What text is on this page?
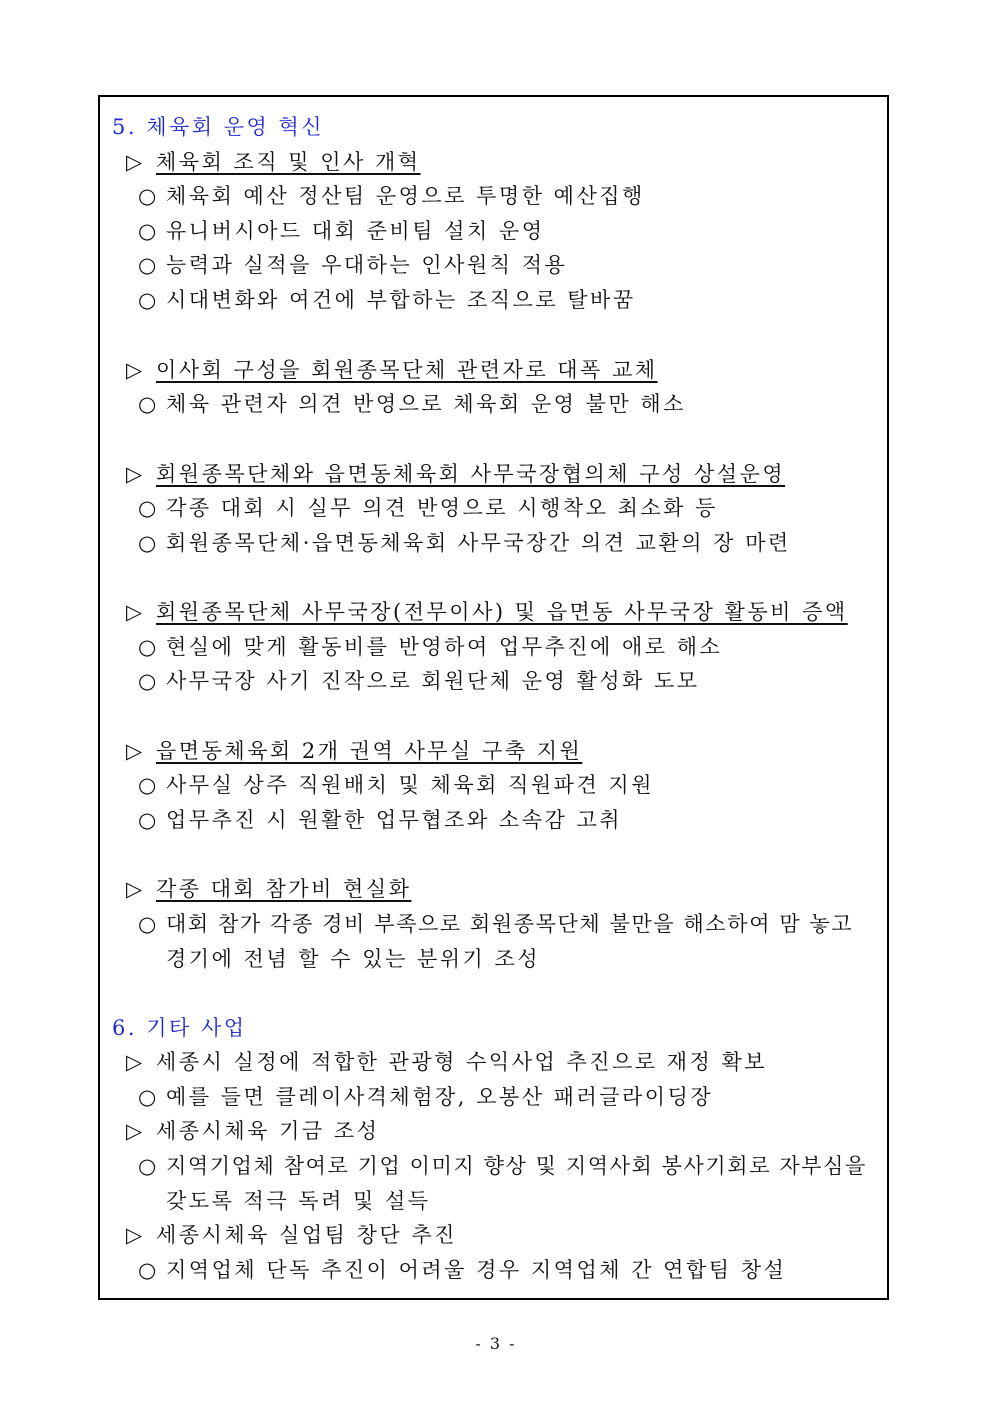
5. 체육회 운영 혁신
▷ 체육회 조직 및 인사 개혁
○ 체육회 예산 정산팀 운영으로 투명한 예산집행
○ 유니버시아드 대회 준비팀 설치 운영
○ 능력과 실적을 우대하는 인사원칙 적용
○ 시대변화와 여건에 부합하는 조직으로 탈바꿈
▷ 이사회 구성을 회원종목단체 관련자로 대폭 교체
○ 체육 관련자 의견 반영으로 체육회 운영 불만 해소
▷ 회원종목단체와 읍면동체육회 사무국장협의체 구성 상설운영
○ 각종 대회 시 실무 의견 반영으로 시행착오 최소화 등
○ 회원종목단체·읍면동체육회 사무국장간 의견 교환의 장 마련
▷ 회원종목단체 사무국장(전무이사) 및 읍면동 사무국장 활동비 증액
○ 현실에 맞게 활동비를 반영하여 업무추진에 애로 해소
○ 사무국장 사기 진작으로 회원단체 운영 활성화 도모
▷ 읍면동체육회 2개 권역 사무실 구축 지원
○ 사무실 상주 직원배치 및 체육회 직원파견 지원
○ 업무추진 시 원활한 업무협조와 소속감 고취
▷ 각종 대회 참가비 현실화
○ 대회 참가 각종 경비 부족으로 회원종목단체 불만을 해소하여 맘 놓고
경기에 전념 할 수 있는 분위기 조성
6. 기타 사업
▷ 세종시 실정에 적합한 관광형 수익사업 추진으로 재정 확보
○ 예를 들면 클레이사격체험장, 오봉산 패러글라이딩장
▷ 세종시체육 기금 조성
○ 지역기업체 참여로 기업 이미지 향상 및 지역사회 봉사기회로 자부심을
갖도록 적극 독려 및 설득
▷ 세종시체육 실업팀 창단 추진
○ 지역업체 단독 추진이 어려울 경우 지역업체 간 연합팀 창설
- 3 -
